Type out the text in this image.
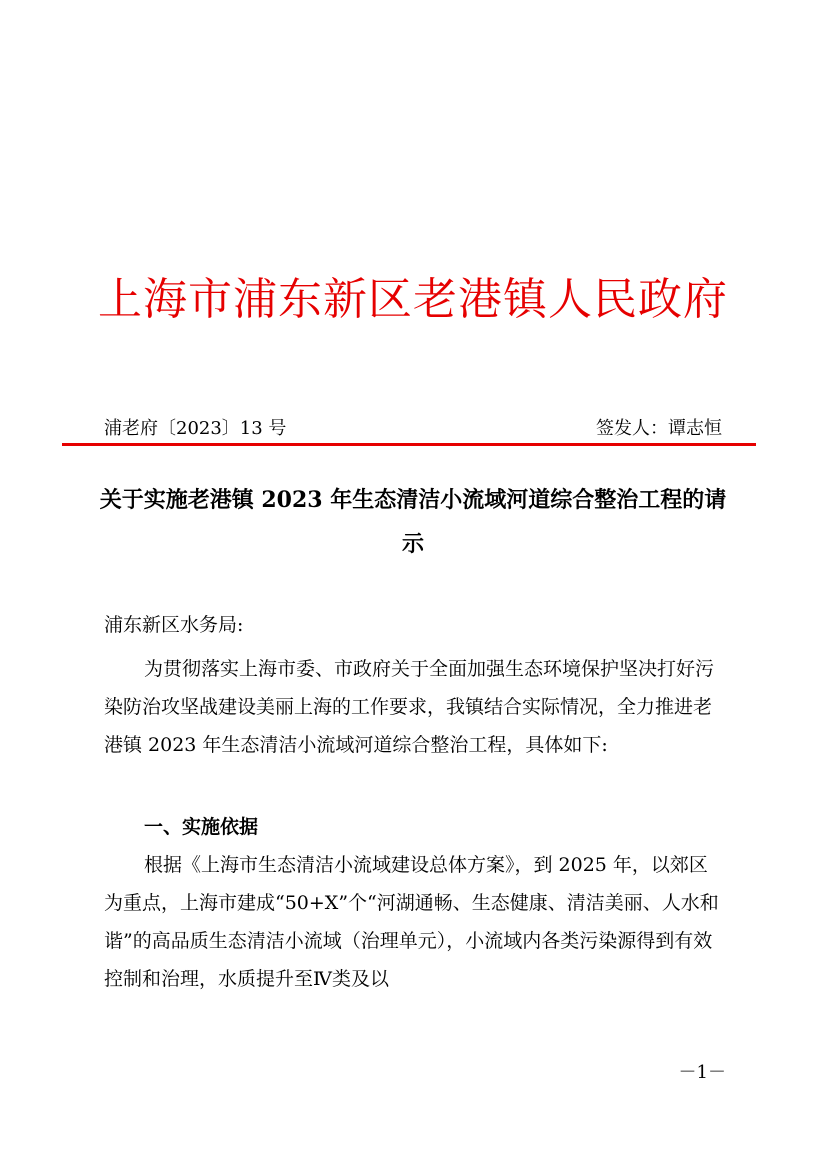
上海市浦东新区老港镇人民政府
浦老府〔2023〕13 号	签发人：谭志恒
关于实施老港镇 2023 年生态清洁小流域河道综合整治工程的请示
浦东新区水务局:
为贯彻落实上海市委、市政府关于全面加强生态环境保护坚决打好污染防治攻坚战建设美丽上海的工作要求，我镇结合实际情况，全力推进老港镇 2023 年生态清洁小流域河道综合整治工程，具体如下:
一、实施依据
根据《上海市生态清洁小流域建设总体方案》，到 2025 年，以郊区为重点，上海市建成“50+X”个“河湖通畅、生态健康、清洁美丽、人水和谐”的高品质生态清洁小流域（治理单元），小流域内各类污染源得到有效控制和治理，水质提升至Ⅳ类及以
－1－
